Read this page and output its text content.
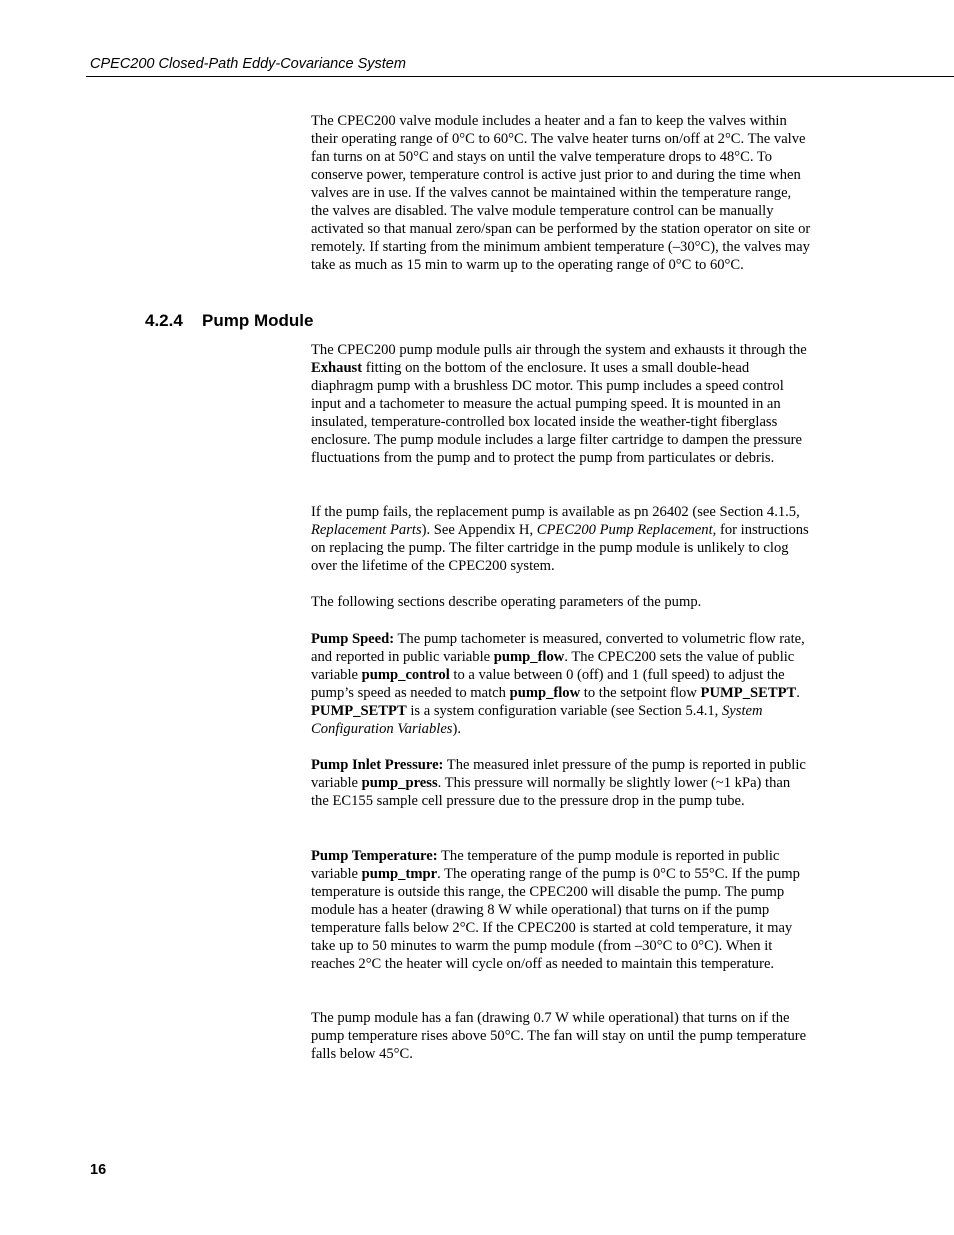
CPEC200 Closed-Path Eddy-Covariance System

The CPEC200 valve module includes a heater and a fan to keep the valves within their operating range of 0°C to 60°C. The valve heater turns on/off at 2°C. The valve fan turns on at 50°C and stays on until the valve temperature drops to 48°C. To conserve power, temperature control is active just prior to and during the time when valves are in use. If the valves cannot be maintained within the temperature range, the valves are disabled. The valve module temperature control can be manually activated so that manual zero/span can be performed by the station operator on site or remotely. If starting from the minimum ambient temperature (–30°C), the valves may take as much as 15 min to warm up to the operating range of 0°C to 60°C.

4.2.4 Pump Module

The CPEC200 pump module pulls air through the system and exhausts it through the Exhaust fitting on the bottom of the enclosure. It uses a small double-head diaphragm pump with a brushless DC motor. This pump includes a speed control input and a tachometer to measure the actual pumping speed. It is mounted in an insulated, temperature-controlled box located inside the weather-tight fiberglass enclosure. The pump module includes a large filter cartridge to dampen the pressure fluctuations from the pump and to protect the pump from particulates or debris.

If the pump fails, the replacement pump is available as pn 26402 (see Section 4.1.5, Replacement Parts). See Appendix H, CPEC200 Pump Replacement, for instructions on replacing the pump. The filter cartridge in the pump module is unlikely to clog over the lifetime of the CPEC200 system.

The following sections describe operating parameters of the pump.

Pump Speed: The pump tachometer is measured, converted to volumetric flow rate, and reported in public variable pump_flow. The CPEC200 sets the value of public variable pump_control to a value between 0 (off) and 1 (full speed) to adjust the pump’s speed as needed to match pump_flow to the setpoint flow PUMP_SETPT. PUMP_SETPT is a system configuration variable (see Section 5.4.1, System Configuration Variables).

Pump Inlet Pressure: The measured inlet pressure of the pump is reported in public variable pump_press. This pressure will normally be slightly lower (~1 kPa) than the EC155 sample cell pressure due to the pressure drop in the pump tube.

Pump Temperature: The temperature of the pump module is reported in public variable pump_tmpr. The operating range of the pump is 0°C to 55°C. If the pump temperature is outside this range, the CPEC200 will disable the pump. The pump module has a heater (drawing 8 W while operational) that turns on if the pump temperature falls below 2°C. If the CPEC200 is started at cold temperature, it may take up to 50 minutes to warm the pump module (from –30°C to 0°C). When it reaches 2°C the heater will cycle on/off as needed to maintain this temperature.

The pump module has a fan (drawing 0.7 W while operational) that turns on if the pump temperature rises above 50°C. The fan will stay on until the pump temperature falls below 45°C.

16
